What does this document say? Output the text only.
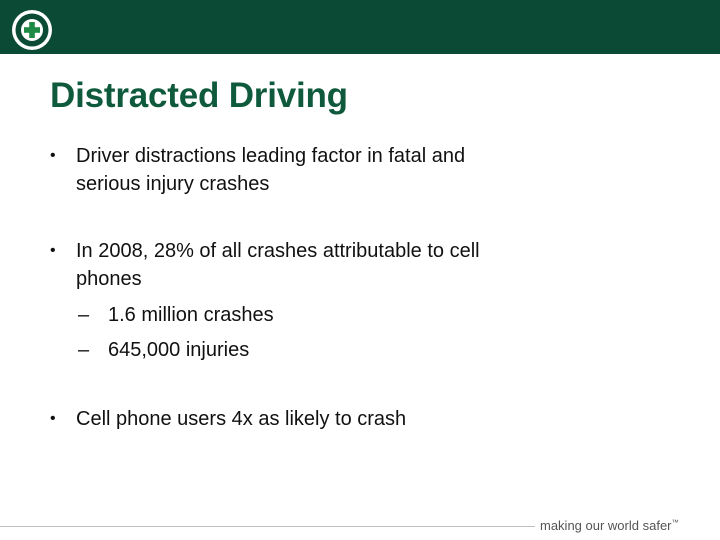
Distracted Driving
• Driver distractions leading factor in fatal and serious injury crashes
• In 2008, 28% of all crashes attributable to cell phones
– 1.6 million crashes
– 645,000 injuries
• Cell phone users 4x as likely to crash
making our world safer™
